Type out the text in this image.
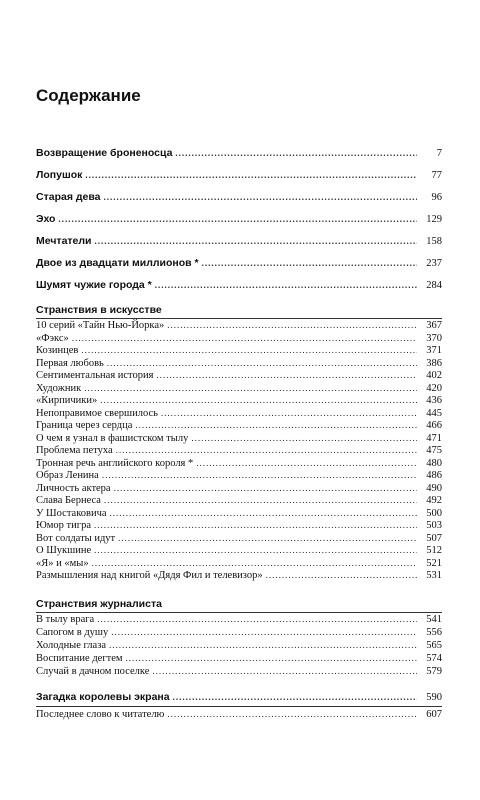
Содержание
Возвращение броненосца .....	7
Лопушок .....	77
Старая дева .....	96
Эхо .....	129
Мечтатели .....	158
Двое из двадцати миллионов * .....	237
Шумят чужие города * .....	284
Странствия в искусстве
10 серий «Тайн Нью-Йорка» .....	367
«Фэкс» .....	370
Козинцев .....	371
Первая любовь .....	386
Сентиментальная история .....	402
Художник .....	420
«Кирпичики» .....	436
Непоправимое свершилось .....	445
Граница через сердца .....	466
О чем я узнал в фашистском тылу .....	471
Проблема петуха .....	475
Тронная речь английского короля * .....	480
Образ Ленина .....	486
Личность актера .....	490
Слава Бернеса .....	492
У Шостаковича .....	500
Юмор тигра .....	503
Вот солдаты идут .....	507
О Шукшине .....	512
«Я» и «мы» .....	521
Размышления над книгой «Дядя Фил и телевизор» .....	531
Странствия журналиста
В тылу врага .....	541
Сапогом в душу .....	556
Холодные глаза .....	565
Воспитание дегтем .....	574
Случай в дачном поселке .....	579
Загадка королевы экрана .....	590
Последнее слово к читателю .....	607
